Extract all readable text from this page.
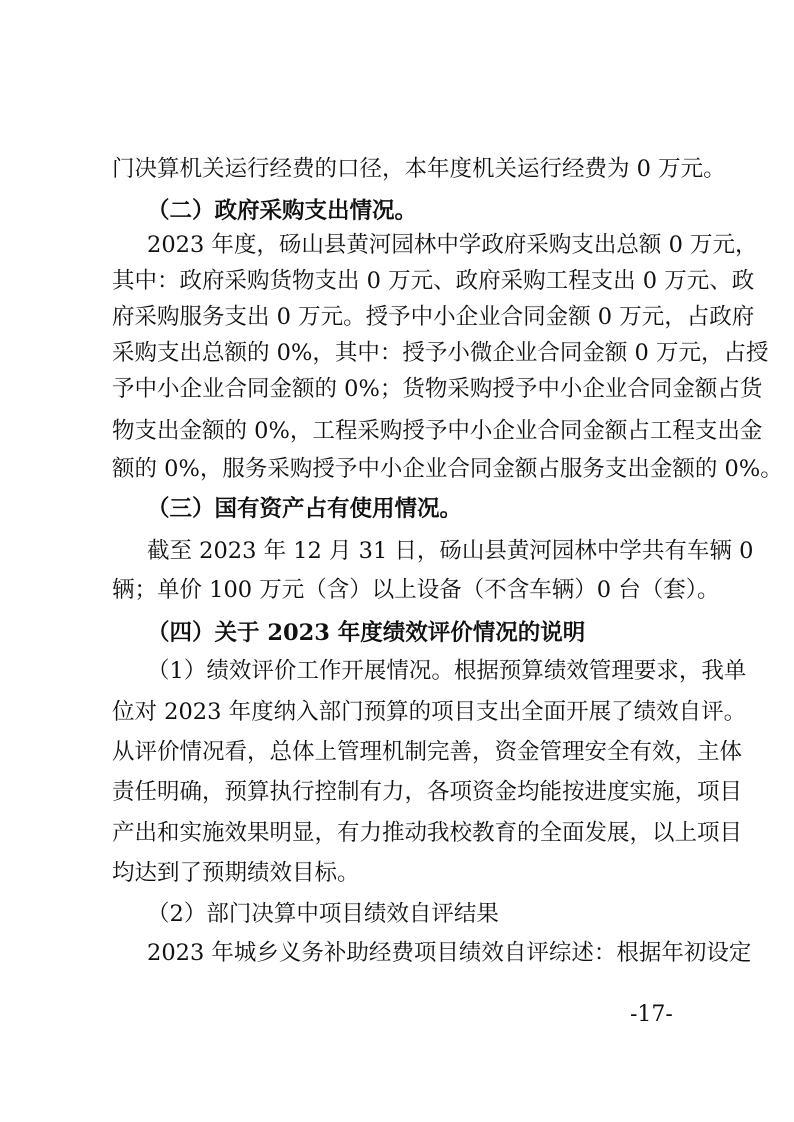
门决算机关运行经费的口径，本年度机关运行经费为 0 万元。
（二）政府采购支出情况。
2023 年度，砀山县黄河园林中学政府采购支出总额 0 万元，
其中：政府采购货物支出 0 万元、政府采购工程支出 0 万元、政
府采购服务支出 0 万元。授予中小企业合同金额 0 万元，占政府
采购支出总额的 0%，其中：授予小微企业合同金额 0 万元，占授
予中小企业合同金额的 0%；货物采购授予中小企业合同金额占货
物支出金额的 0%，工程采购授予中小企业合同金额占工程支出金
额的 0%，服务采购授予中小企业合同金额占服务支出金额的 0%。
（三）国有资产占有使用情况。
截至 2023 年 12 月 31 日，砀山县黄河园林中学共有车辆 0
辆；单价 100 万元（含）以上设备（不含车辆）0 台（套）。
（四）关于 2023 年度绩效评价情况的说明
（1）绩效评价工作开展情况。根据预算绩效管理要求，我单
位对 2023 年度纳入部门预算的项目支出全面开展了绩效自评。
从评价情况看，总体上管理机制完善，资金管理安全有效，主体
责任明确，预算执行控制有力，各项资金均能按进度实施，项目
产出和实施效果明显，有力推动我校教育的全面发展，以上项目
均达到了预期绩效目标。
（2）部门决算中项目绩效自评结果
2023 年城乡义务补助经费项目绩效自评综述：根据年初设定
-17-
